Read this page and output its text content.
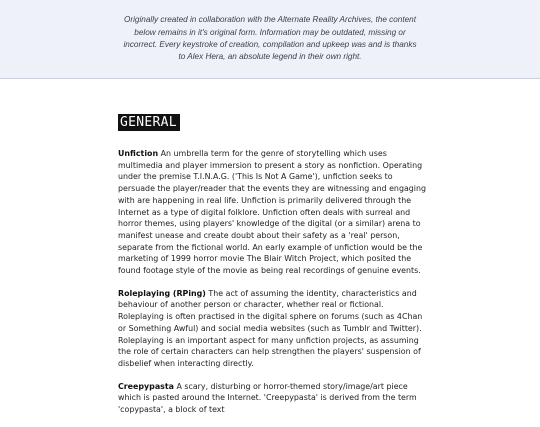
Originally created in collaboration with the Alternate Reality Archives, the content below remains in it's original form. Information may be outdated, missing or incorrect. Every keystroke of creation, compilation and upkeep was and is thanks to Alex Hera, an absolute legend in their own right.

GENERAL

Unfiction An umbrella term for the genre of storytelling which uses multimedia and player immersion to present a story as nonfiction. Operating under the premise T.I.N.A.G. ('This Is Not A Game'), unfiction seeks to persuade the player/reader that the events they are witnessing and engaging with are happening in real life. Unfiction is primarily delivered through the Internet as a type of digital folklore. Unfiction often deals with surreal and horror themes, using players' knowledge of the digital (or a similar) arena to manifest unease and create doubt about their safety as a 'real' person, separate from the fictional world. An early example of unfiction would be the marketing of 1999 horror movie The Blair Witch Project, which posited the found footage style of the movie as being real recordings of genuine events.

Roleplaying (RPing) The act of assuming the identity, characteristics and behaviour of another person or character, whether real or fictional. Roleplaying is often practised in the digital sphere on forums (such as 4Chan or Something Awful) and social media websites (such as Tumblr and Twitter). Roleplaying is an important aspect for many unfiction projects, as assuming the role of certain characters can help strengthen the players' suspension of disbelief when interacting directly.

Creepypasta A scary, disturbing or horror-themed story/image/art piece which is pasted around the Internet. 'Creepypasta' is derived from the term 'copypasta', a block of text
